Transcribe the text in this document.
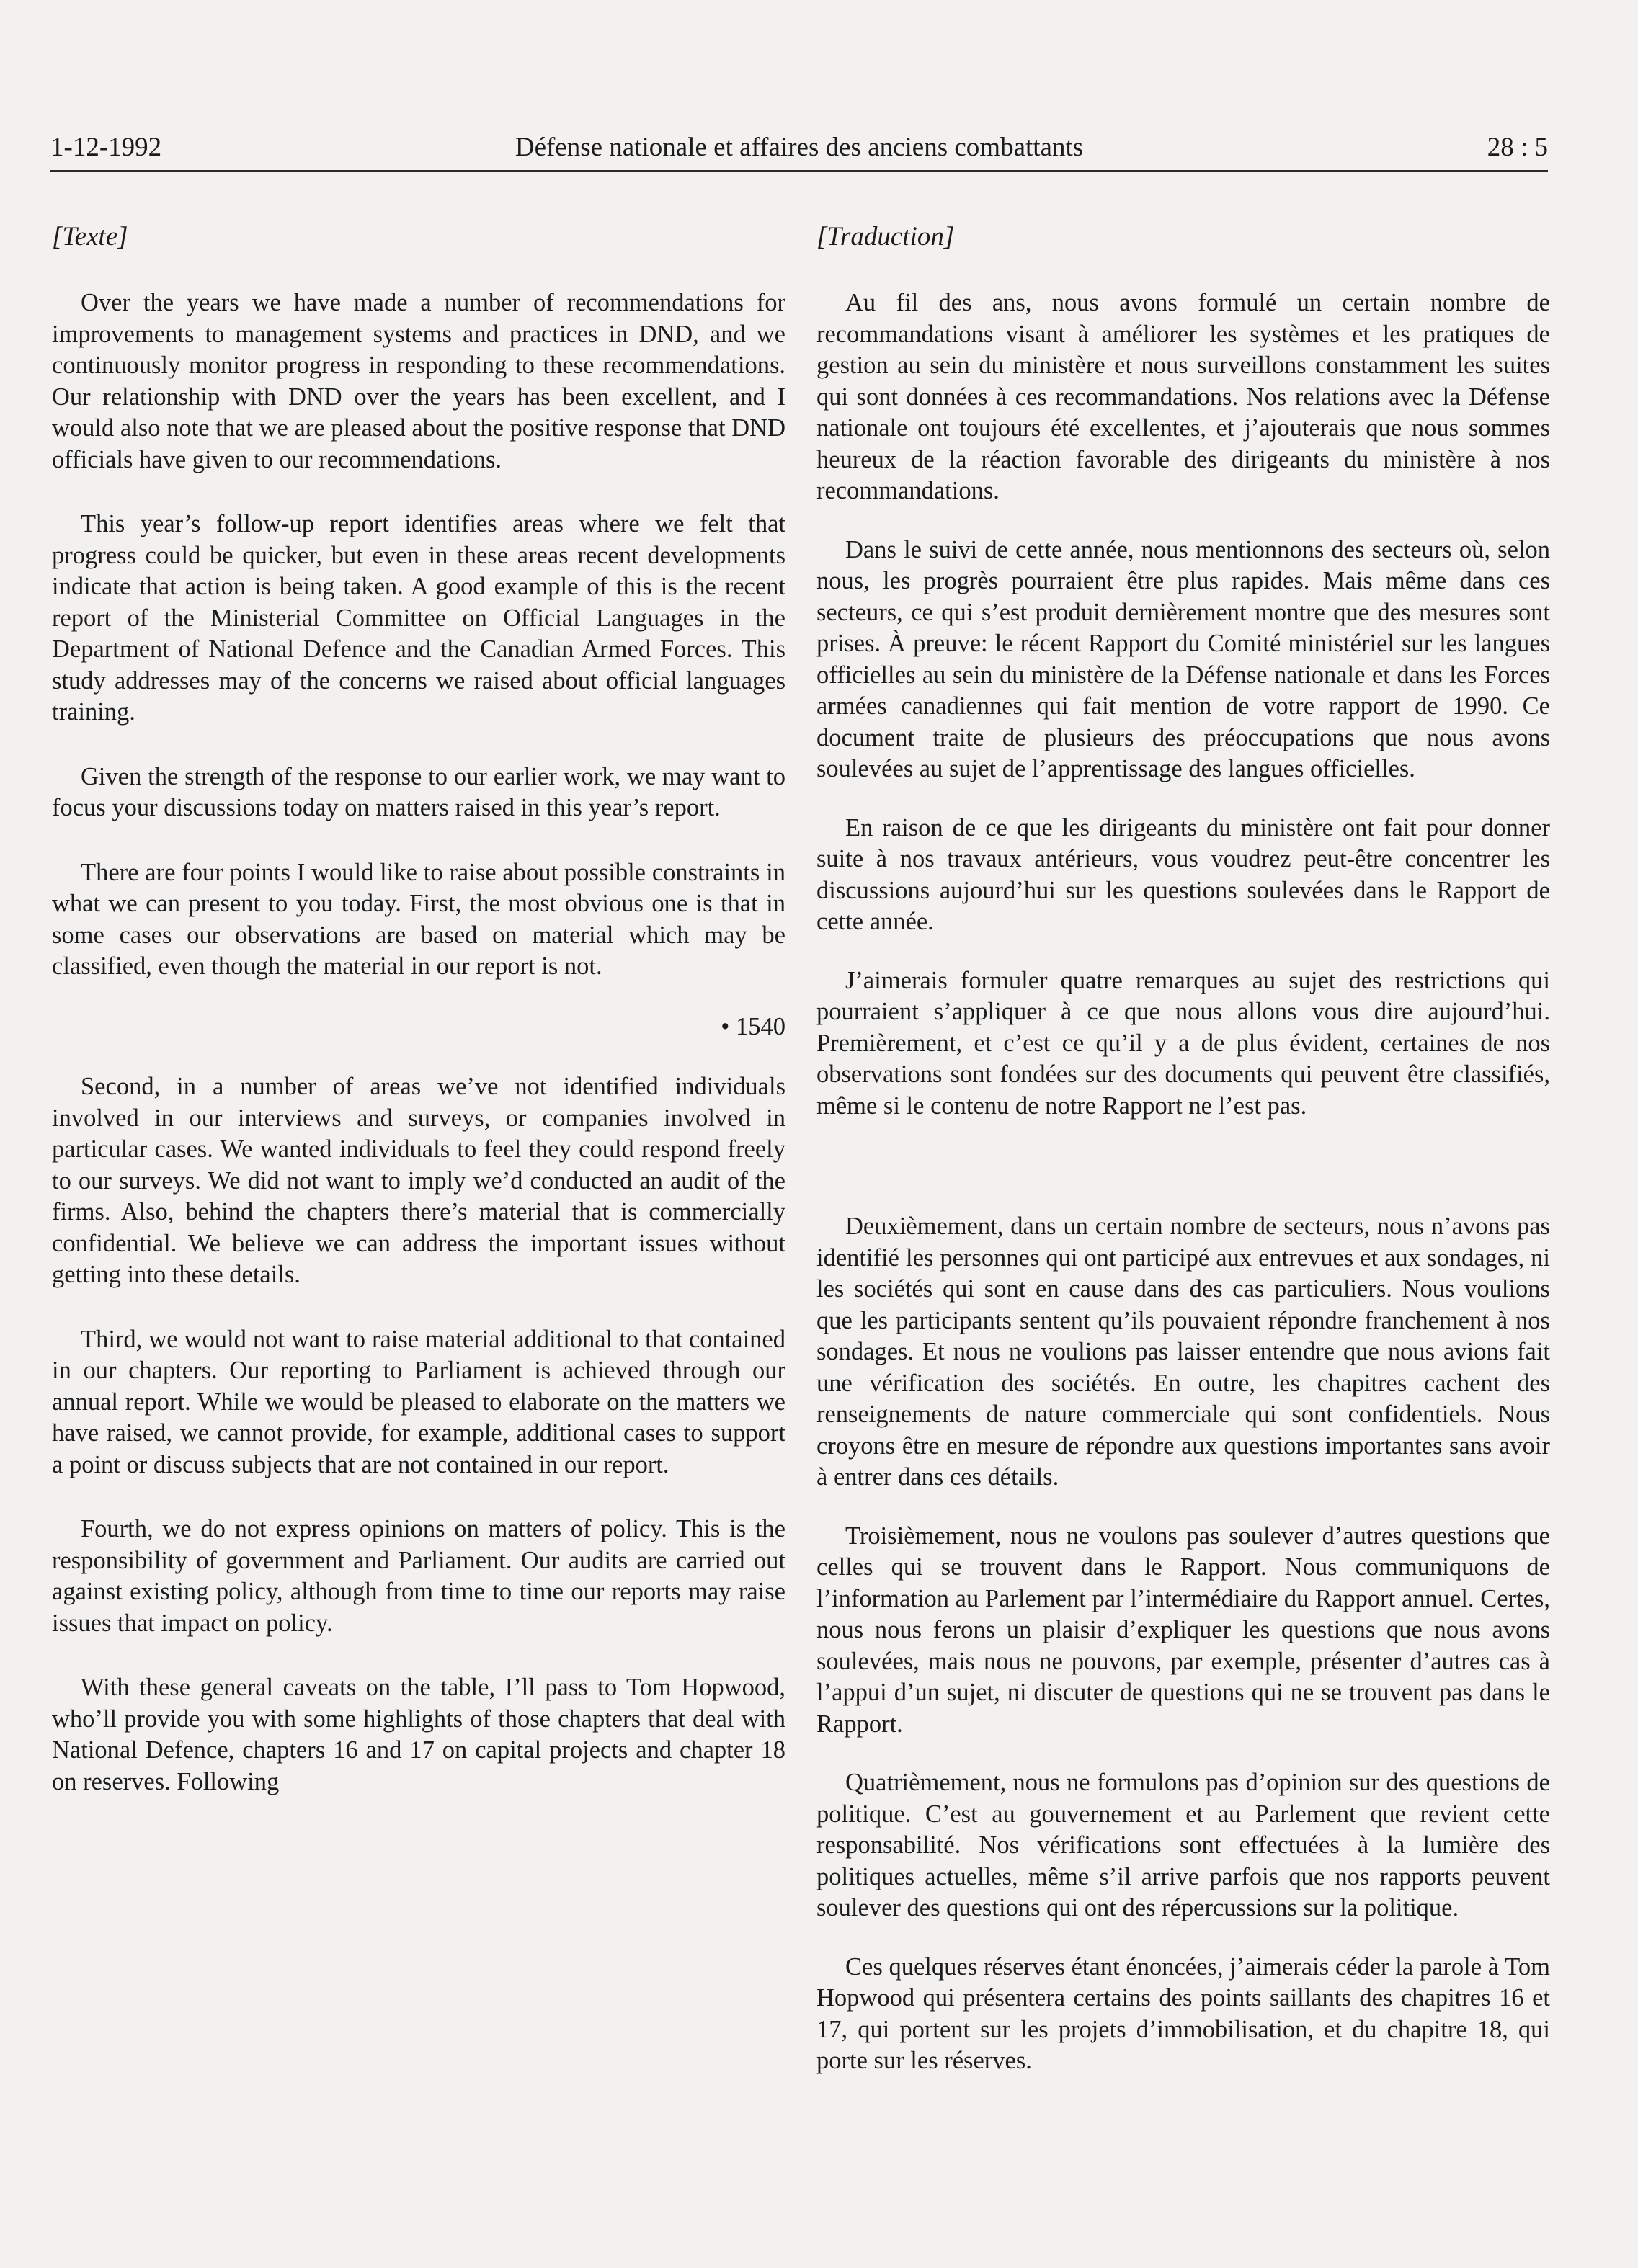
1-12-1992	Défense nationale et affaires des anciens combattants	28 : 5

[Texte]

Over the years we have made a number of recommendations for improvements to management systems and practices in DND, and we continuously monitor progress in responding to these recommendations. Our relationship with DND over the years has been excellent, and I would also note that we are pleased about the positive response that DND officials have given to our recommendations.

This year’s follow-up report identifies areas where we felt that progress could be quicker, but even in these areas recent developments indicate that action is being taken. A good example of this is the recent report of the Ministerial Committee on Official Languages in the Department of National Defence and the Canadian Armed Forces. This study addresses may of the concerns we raised about official languages training.

Given the strength of the response to our earlier work, we may want to focus your discussions today on matters raised in this year’s report.

There are four points I would like to raise about possible constraints in what we can present to you today. First, the most obvious one is that in some cases our observations are based on material which may be classified, even though the material in our report is not.

• 1540

Second, in a number of areas we’ve not identified individuals involved in our interviews and surveys, or companies involved in particular cases. We wanted individuals to feel they could respond freely to our surveys. We did not want to imply we’d conducted an audit of the firms. Also, behind the chapters there’s material that is commercially confidential. We believe we can address the important issues without getting into these details.

Third, we would not want to raise material additional to that contained in our chapters. Our reporting to Parliament is achieved through our annual report. While we would be pleased to elaborate on the matters we have raised, we cannot provide, for example, additional cases to support a point or discuss subjects that are not contained in our report.

Fourth, we do not express opinions on matters of policy. This is the responsibility of government and Parliament. Our audits are carried out against existing policy, although from time to time our reports may raise issues that impact on policy.

With these general caveats on the table, I’ll pass to Tom Hopwood, who’ll provide you with some highlights of those chapters that deal with National Defence, chapters 16 and 17 on capital projects and chapter 18 on reserves. Following

[Traduction]

Au fil des ans, nous avons formulé un certain nombre de recommandations visant à améliorer les systèmes et les pratiques de gestion au sein du ministère et nous surveillons constamment les suites qui sont données à ces recommandations. Nos relations avec la Défense nationale ont toujours été excellentes, et j’ajouterais que nous sommes heureux de la réaction favorable des dirigeants du ministère à nos recommandations.

Dans le suivi de cette année, nous mentionnons des secteurs où, selon nous, les progrès pourraient être plus rapides. Mais même dans ces secteurs, ce qui s’est produit dernièrement montre que des mesures sont prises. À preuve: le récent Rapport du Comité ministériel sur les langues officielles au sein du ministère de la Défense nationale et dans les Forces armées canadiennes qui fait mention de votre rapport de 1990. Ce document traite de plusieurs des préoccupations que nous avons soulevées au sujet de l’apprentissage des langues officielles.

En raison de ce que les dirigeants du ministère ont fait pour donner suite à nos travaux antérieurs, vous voudrez peut-être concentrer les discussions aujourd’hui sur les questions soulevées dans le Rapport de cette année.

J’aimerais formuler quatre remarques au sujet des restrictions qui pourraient s’appliquer à ce que nous allons vous dire aujourd’hui. Premièrement, et c’est ce qu’il y a de plus évident, certaines de nos observations sont fondées sur des documents qui peuvent être classifiés, même si le contenu de notre Rapport ne l’est pas.

Deuxièmement, dans un certain nombre de secteurs, nous n’avons pas identifié les personnes qui ont participé aux entrevues et aux sondages, ni les sociétés qui sont en cause dans des cas particuliers. Nous voulions que les participants sentent qu’ils pouvaient répondre franchement à nos sondages. Et nous ne voulions pas laisser entendre que nous avions fait une vérification des sociétés. En outre, les chapitres cachent des renseignements de nature commerciale qui sont confidentiels. Nous croyons être en mesure de répondre aux questions importantes sans avoir à entrer dans ces détails.

Troisièmement, nous ne voulons pas soulever d’autres questions que celles qui se trouvent dans le Rapport. Nous communiquons de l’information au Parlement par l’intermédiaire du Rapport annuel. Certes, nous nous ferons un plaisir d’expliquer les questions que nous avons soulevées, mais nous ne pouvons, par exemple, présenter d’autres cas à l’appui d’un sujet, ni discuter de questions qui ne se trouvent pas dans le Rapport.

Quatrièmement, nous ne formulons pas d’opinion sur des questions de politique. C’est au gouvernement et au Parlement que revient cette responsabilité. Nos vérifications sont effectuées à la lumière des politiques actuelles, même s’il arrive parfois que nos rapports peuvent soulever des questions qui ont des répercussions sur la politique.

Ces quelques réserves étant énoncées, j’aimerais céder la parole à Tom Hopwood qui présentera certains des points saillants des chapitres 16 et 17, qui portent sur les projets d’immobilisation, et du chapitre 18, qui porte sur les réserves.
